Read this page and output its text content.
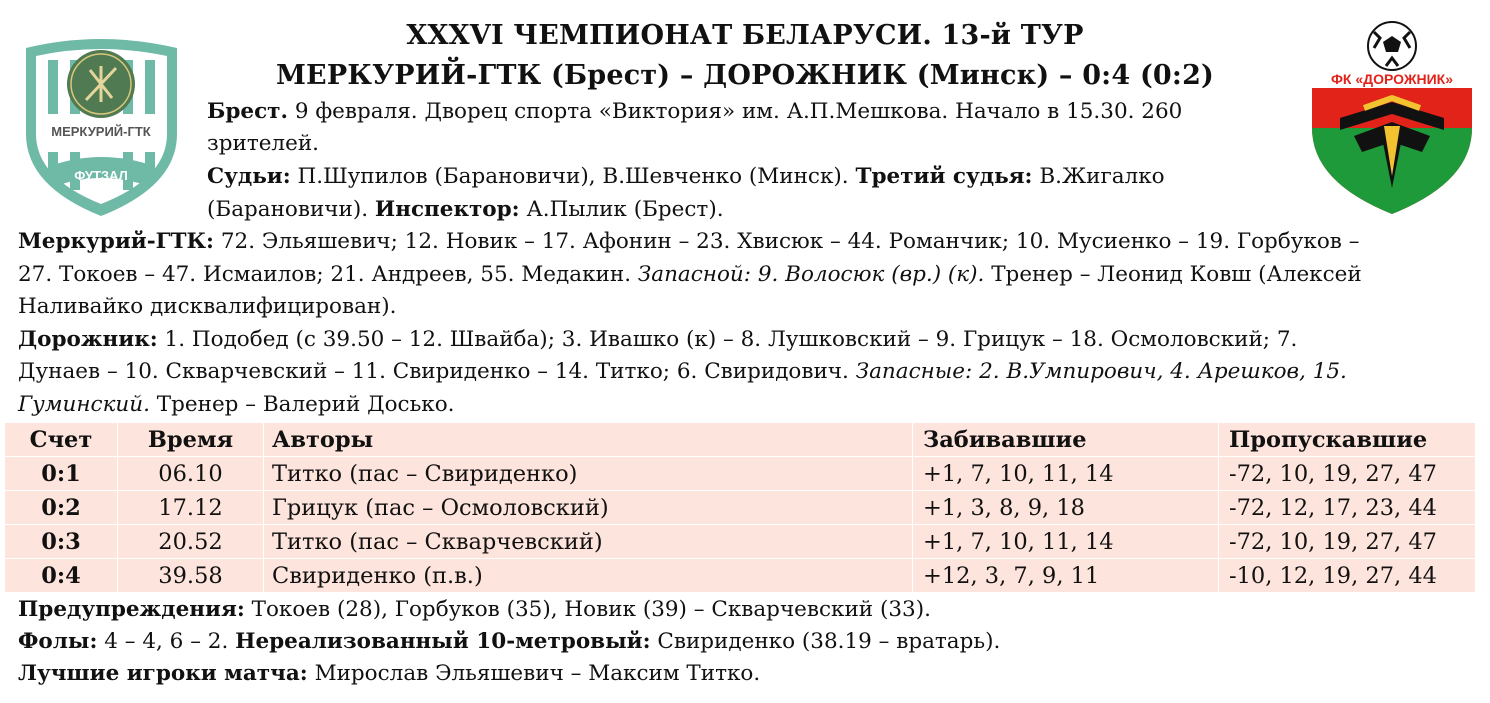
МЕРКУРИЙ-ГТК
ФУТЗАЛ
ФК «ДОРОЖНИК»
XXXVI ЧЕМПИОНАТ БЕЛАРУСИ. 13-й ТУР
МЕРКУРИЙ-ГТК (Брест) – ДОРОЖНИК (Минск) – 0:4 (0:2)
Брест. 9 февраля. Дворец спорта «Виктория» им. А.П.Мешкова. Начало в 15.30. 260
зрителей.
Судьи: П.Шупилов (Барановичи), В.Шевченко (Минск). Третий судья: В.Жигалко
(Барановичи). Инспектор: А.Пылик (Брест).
Меркурий-ГТК: 72. Эльяшевич; 12. Новик – 17. Афонин – 23. Хвисюк – 44. Романчик; 10. Мусиенко – 19. Горбуков –
27. Токоев – 47. Исмаилов; 21. Андреев, 55. Медакин. Запасной: 9. Волосюк (вр.) (к). Тренер – Леонид Ковш (Алексей
Наливайко дисквалифицирован).
Дорожник: 1. Подобед (с 39.50 – 12. Швайба); 3. Ивашко (к) – 8. Лушковский – 9. Грицук – 18. Осмоловский; 7.
Дунаев – 10. Скварчевский – 11. Свириденко – 14. Титко; 6. Свиридович. Запасные: 2. В.Умпирович, 4. Арешков, 15.
Гуминский. Тренер – Валерий Досько.
Счет	Время	Авторы	Забивавшие	Пропускавшие
0:1	06.10	Титко (пас – Свириденко)	+1, 7, 10, 11, 14	-72, 10, 19, 27, 47
0:2	17.12	Грицук (пас – Осмоловский)	+1, 3, 8, 9, 18	-72, 12, 17, 23, 44
0:3	20.52	Титко (пас – Скварчевский)	+1, 7, 10, 11, 14	-72, 10, 19, 27, 47
0:4	39.58	Свириденко (п.в.)	+12, 3, 7, 9, 11	-10, 12, 19, 27, 44
Предупреждения: Токоев (28), Горбуков (35), Новик (39) – Скварчевский (33).
Фолы: 4 – 4, 6 – 2. Нереализованный 10-метровый: Свириденко (38.19 – вратарь).
Лучшие игроки матча: Мирослав Эльяшевич – Максим Титко.
